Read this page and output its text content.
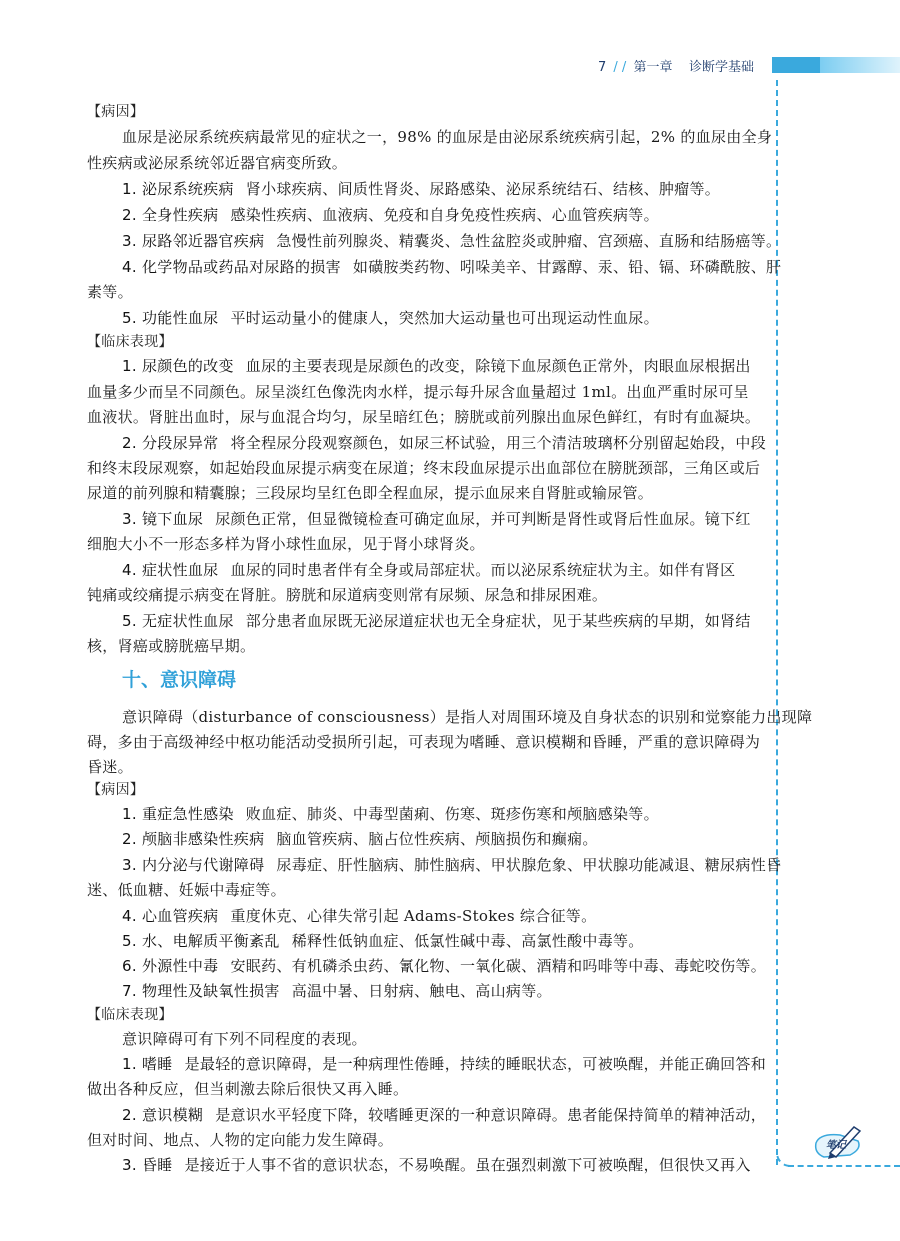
7 / / 第一章 诊断学基础
笔记
【病因】
血尿是泌尿系统疾病最常见的症状之一，98% 的血尿是由泌尿系统疾病引起，2% 的血尿由全身
性疾病或泌尿系统邻近器官病变所致。
1. 泌尿系统疾病 肾小球疾病、间质性肾炎、尿路感染、泌尿系统结石、结核、肿瘤等。
2. 全身性疾病 感染性疾病、血液病、免疫和自身免疫性疾病、心血管疾病等。
3. 尿路邻近器官疾病 急慢性前列腺炎、精囊炎、急性盆腔炎或肿瘤、宫颈癌、直肠和结肠癌等。
4. 化学物品或药品对尿路的损害 如磺胺类药物、吲哚美辛、甘露醇、汞、铅、镉、环磷酰胺、肝
素等。
5. 功能性血尿 平时运动量小的健康人，突然加大运动量也可出现运动性血尿。
【临床表现】
1. 尿颜色的改变 血尿的主要表现是尿颜色的改变，除镜下血尿颜色正常外，肉眼血尿根据出
血量多少而呈不同颜色。尿呈淡红色像洗肉水样，提示每升尿含血量超过 1ml。出血严重时尿可呈
血液状。肾脏出血时，尿与血混合均匀，尿呈暗红色；膀胱或前列腺出血尿色鲜红，有时有血凝块。
2. 分段尿异常 将全程尿分段观察颜色，如尿三杯试验，用三个清洁玻璃杯分别留起始段，中段
和终末段尿观察，如起始段血尿提示病变在尿道；终末段血尿提示出血部位在膀胱颈部，三角区或后
尿道的前列腺和精囊腺；三段尿均呈红色即全程血尿，提示血尿来自肾脏或输尿管。
3. 镜下血尿 尿颜色正常，但显微镜检查可确定血尿，并可判断是肾性或肾后性血尿。镜下红
细胞大小不一形态多样为肾小球性血尿，见于肾小球肾炎。
4. 症状性血尿 血尿的同时患者伴有全身或局部症状。而以泌尿系统症状为主。如伴有肾区
钝痛或绞痛提示病变在肾脏。膀胱和尿道病变则常有尿频、尿急和排尿困难。
5. 无症状性血尿 部分患者血尿既无泌尿道症状也无全身症状，见于某些疾病的早期，如肾结
核，肾癌或膀胱癌早期。
意识障碍（disturbance of consciousness）是指人对周围环境及自身状态的识别和觉察能力出现障
碍，多由于高级神经中枢功能活动受损所引起，可表现为嗜睡、意识模糊和昏睡，严重的意识障碍为
昏迷。
【病因】
1. 重症急性感染 败血症、肺炎、中毒型菌痢、伤寒、斑疹伤寒和颅脑感染等。
2. 颅脑非感染性疾病 脑血管疾病、脑占位性疾病、颅脑损伤和癫痫。
3. 内分泌与代谢障碍 尿毒症、肝性脑病、肺性脑病、甲状腺危象、甲状腺功能减退、糖尿病性昏
迷、低血糖、妊娠中毒症等。
4. 心血管疾病 重度休克、心律失常引起 Adams-Stokes 综合征等。
5. 水、电解质平衡紊乱 稀释性低钠血症、低氯性碱中毒、高氯性酸中毒等。
6. 外源性中毒 安眠药、有机磷杀虫药、氰化物、一氧化碳、酒精和吗啡等中毒、毒蛇咬伤等。
7. 物理性及缺氧性损害 高温中暑、日射病、触电、高山病等。
【临床表现】
意识障碍可有下列不同程度的表现。
1. 嗜睡 是最轻的意识障碍，是一种病理性倦睡，持续的睡眠状态，可被唤醒，并能正确回答和
做出各种反应，但当刺激去除后很快又再入睡。
2. 意识模糊 是意识水平轻度下降，较嗜睡更深的一种意识障碍。患者能保持简单的精神活动，
但对时间、地点、人物的定向能力发生障碍。
3. 昏睡 是接近于人事不省的意识状态，不易唤醒。虽在强烈刺激下可被唤醒，但很快又再入
十、意识障碍
